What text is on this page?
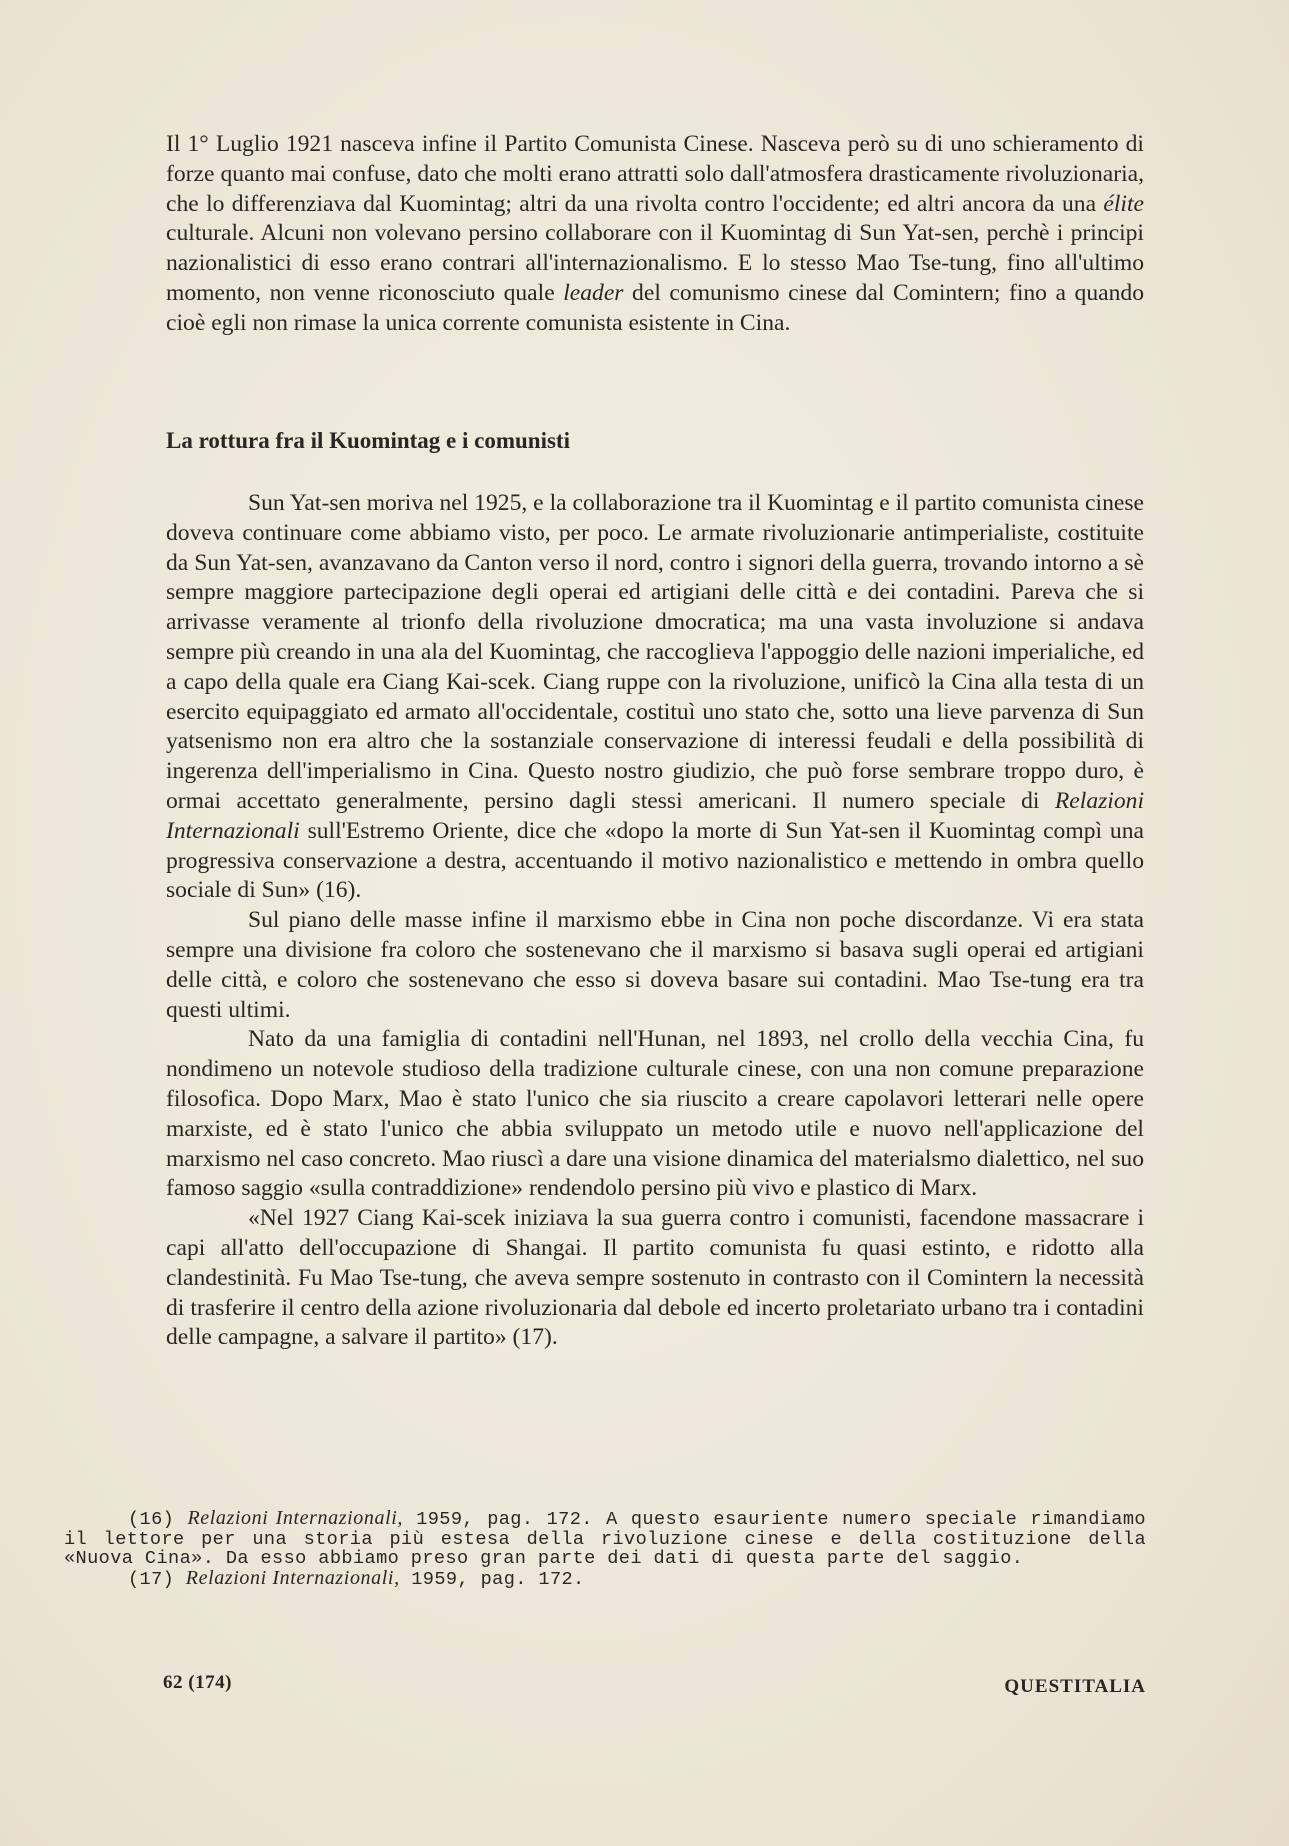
Il 1° Luglio 1921 nasceva infine il Partito Comunista Cinese. Nasceva però su di uno schieramento di forze quanto mai confuse, dato che molti erano attratti solo dall'atmosfera drasticamente rivoluzionaria, che lo differenziava dal Kuomintag; altri da una rivolta contro l'occidente; ed altri ancora da una élite culturale. Alcuni non volevano persino collaborare con il Kuomintag di Sun Yat-sen, perchè i principi nazionalistici di esso erano contrari all'internazionalismo. E lo stesso Mao Tse-tung, fino all'ultimo momento, non venne riconosciuto quale leader del comunismo cinese dal Comintern; fino a quando cioè egli non rimase la unica corrente comunista esistente in Cina.

La rottura fra il Kuomintag e i comunisti

Sun Yat-sen moriva nel 1925, e la collaborazione tra il Kuomintag e il partito comunista cinese doveva continuare come abbiamo visto, per poco. Le armate rivoluzionarie antimperialiste, costituite da Sun Yat-sen, avanzavano da Canton verso il nord, contro i signori della guerra, trovando intorno a sè sempre maggiore partecipazione degli operai ed artigiani delle città e dei contadini. Pareva che si arrivasse veramente al trionfo della rivoluzione dmocratica; ma una vasta involuzione si andava sempre più creando in una ala del Kuomintag, che raccoglieva l'appoggio delle nazioni imperialiche, ed a capo della quale era Ciang Kai-scek. Ciang ruppe con la rivoluzione, unificò la Cina alla testa di un esercito equipaggiato ed armato all'occidentale, costituì uno stato che, sotto una lieve parvenza di Sun yatsenismo non era altro che la sostanziale conservazione di interessi feudali e della possibilità di ingerenza dell'imperialismo in Cina. Questo nostro giudizio, che può forse sembrare troppo duro, è ormai accettato generalmente, persino dagli stessi americani. Il numero speciale di Relazioni Internazionali sull'Estremo Oriente, dice che «dopo la morte di Sun Yat-sen il Kuomintag compì una progressiva conservazione a destra, accentuando il motivo nazionalistico e mettendo in ombra quello sociale di Sun» (16).

Sul piano delle masse infine il marxismo ebbe in Cina non poche discordanze. Vi era stata sempre una divisione fra coloro che sostenevano che il marxismo si basava sugli operai ed artigiani delle città, e coloro che sostenevano che esso si doveva basare sui contadini. Mao Tse-tung era tra questi ultimi.

Nato da una famiglia di contadini nell'Hunan, nel 1893, nel crollo della vecchia Cina, fu nondimeno un notevole studioso della tradizione culturale cinese, con una non comune preparazione filosofica. Dopo Marx, Mao è stato l'unico che sia riuscito a creare capolavori letterari nelle opere marxiste, ed è stato l'unico che abbia sviluppato un metodo utile e nuovo nell'applicazione del marxismo nel caso concreto. Mao riuscì a dare una visione dinamica del materialsmo dialettico, nel suo famoso saggio «sulla contraddizione» rendendolo persino più vivo e plastico di Marx.

«Nel 1927 Ciang Kai-scek iniziava la sua guerra contro i comunisti, facendone massacrare i capi all'atto dell'occupazione di Shangai. Il partito comunista fu quasi estinto, e ridotto alla clandestinità. Fu Mao Tse-tung, che aveva sempre sostenuto in contrasto con il Comintern la necessità di trasferire il centro della azione rivoluzionaria dal debole ed incerto proletariato urbano tra i contadini delle campagne, a salvare il partito» (17).

(16) Relazioni Internazionali, 1959, pag. 172. A questo esauriente numero speciale rimandiamo il lettore per una storia più estesa della rivoluzione cinese e della costituzione della «Nuova Cina». Da esso abbiamo preso gran parte dei dati di questa parte del saggio.

(17) Relazioni Internazionali, 1959, pag. 172.

62 (174)	QUESTITALIA
